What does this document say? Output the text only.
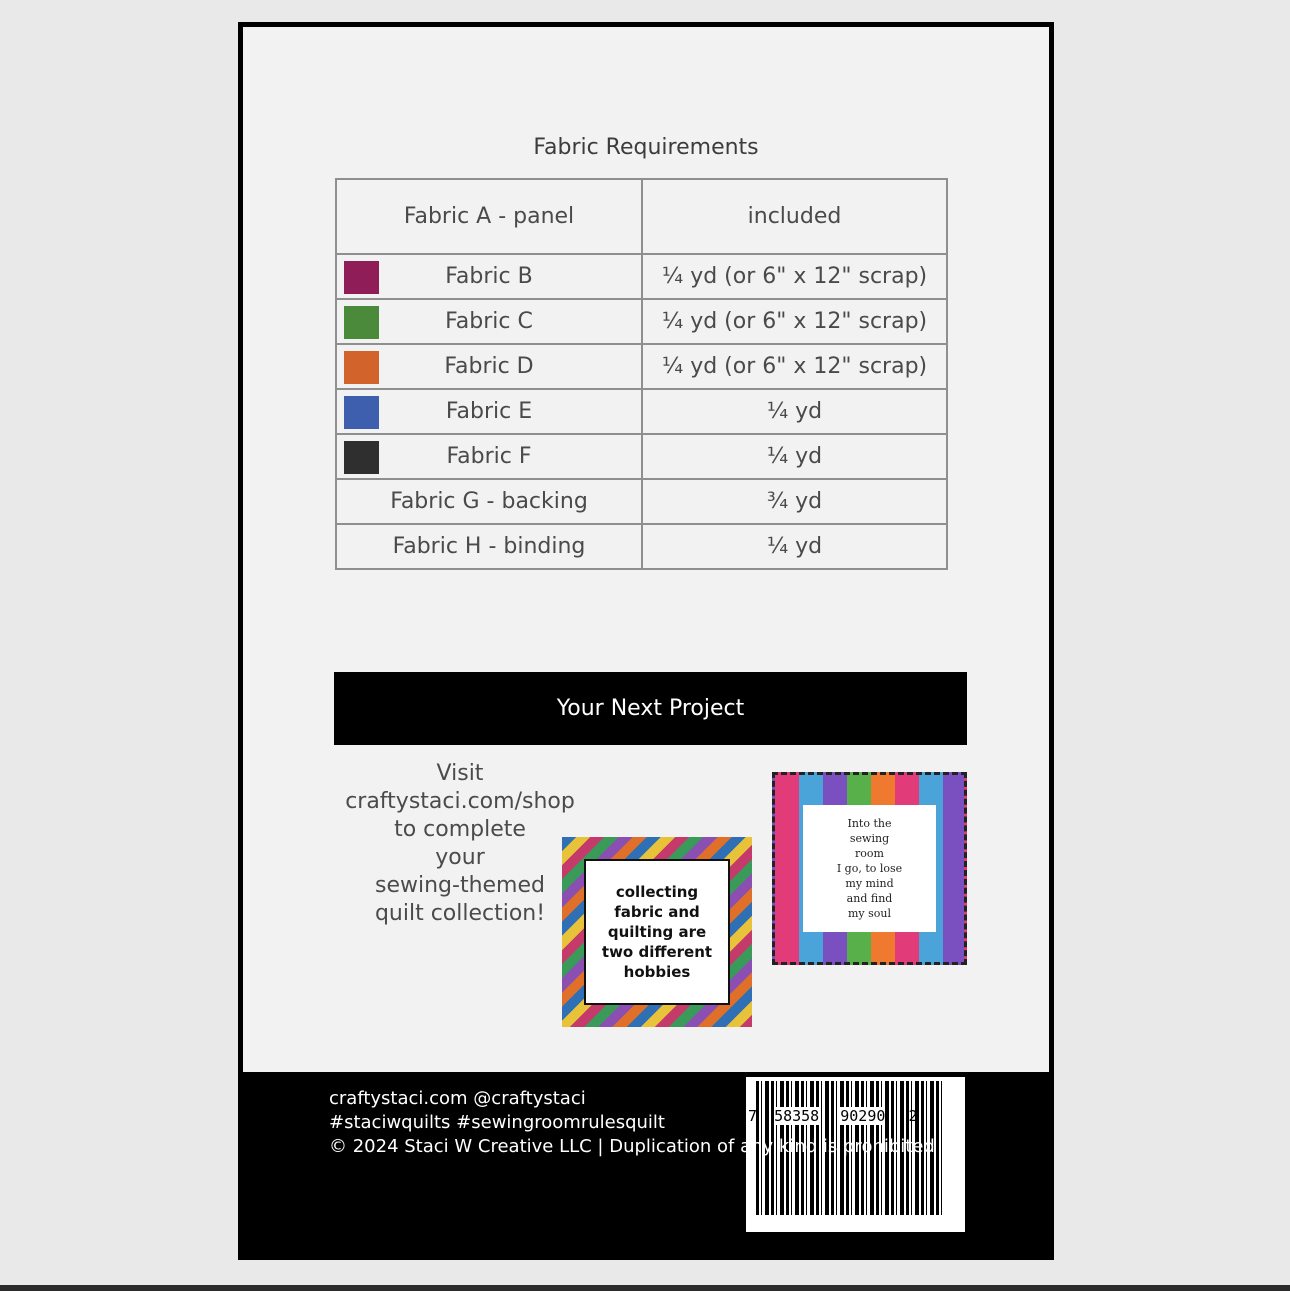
Fabric Requirements
Fabric A - panel	included

Fabric B	¼ yd (or 6" x 12" scrap)

Fabric C	¼ yd (or 6" x 12" scrap)

Fabric D	¼ yd (or 6" x 12" scrap)

Fabric E	¼ yd

Fabric F	¼ yd
Fabric G - backing	¾ yd
Fabric H - binding	¼ yd
Your Next Project
Visit
craftystaci.com/shop
to complete
your
sewing-themed
quilt collection!
collecting
fabric and
quilting are
two different
hobbies
Into the
sewing
room
I go, to lose
my mind
and find
my soul
7 58358 90290 2
craftystaci.com @craftystaci
#staciwquilts #sewingroomrulesquilt
© 2024 Staci W Creative LLC | Duplication of any kind is prohibited
